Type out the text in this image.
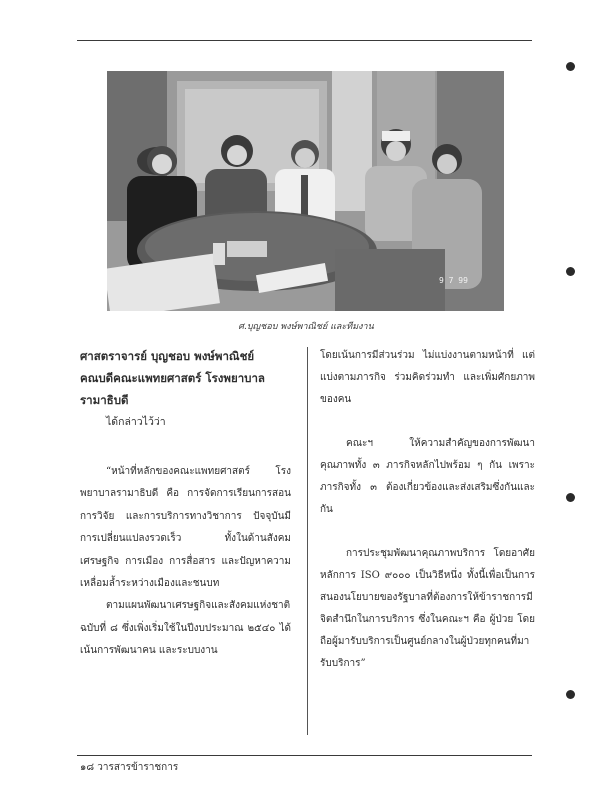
9 7 99
ศ.บุญชอบ พงษ์พาณิชย์ และทีมงาน

ศาสตราจารย์ บุญชอบ พงษ์พาณิชย์

คณบดีคณะแพทยศาสตร์ โรงพยาบาล

รามาธิบดี

ได้กล่าวไว้ว่า

“หน้าที่หลักของคณะแพทยศาสตร์ โรงพยาบาลรามาธิบดี คือ การจัดการเรียนการสอน การวิจัย และการบริการทางวิชาการ ปัจจุบันมีการเปลี่ยนแปลงรวดเร็ว ทั้งในด้านสังคม เศรษฐกิจ การเมือง การสื่อสาร และปัญหาความเหลื่อมล้ำระหว่างเมืองและชนบท

ตามแผนพัฒนาเศรษฐกิจและสังคมแห่งชาติฉบับที่ ๘ ซึ่งเพิ่งเริ่มใช้ในปีงบประมาณ ๒๕๔๐ ได้เน้นการพัฒนาคน และระบบงาน

โดยเน้นการมีส่วนร่วม ไม่แบ่งงานตามหน้าที่ แต่แบ่งตามภารกิจ ร่วมคิดร่วมทำ และเพิ่มศักยภาพของคน

คณะฯ ให้ความสำคัญของการพัฒนาคุณภาพทั้ง ๓ ภารกิจหลักไปพร้อม ๆ กัน เพราะภารกิจทั้ง ๓ ต้องเกี่ยวข้องและส่งเสริมซึ่งกันและกัน

การประชุมพัฒนาคุณภาพบริการ โดยอาศัยหลักการ ISO ๙๐๐๐ เป็นวิธีหนึ่ง ทั้งนี้เพื่อเป็นการสนองนโยบายของรัฐบาลที่ต้องการให้ข้าราชการมีจิตสำนึกในการบริการ ซึ่งในคณะฯ คือ ผู้ป่วย โดยถือผู้มารับบริการเป็นศูนย์กลางในผู้ป่วยทุกคนที่มารับบริการ”

๑๘ วารสารข้าราชการ
